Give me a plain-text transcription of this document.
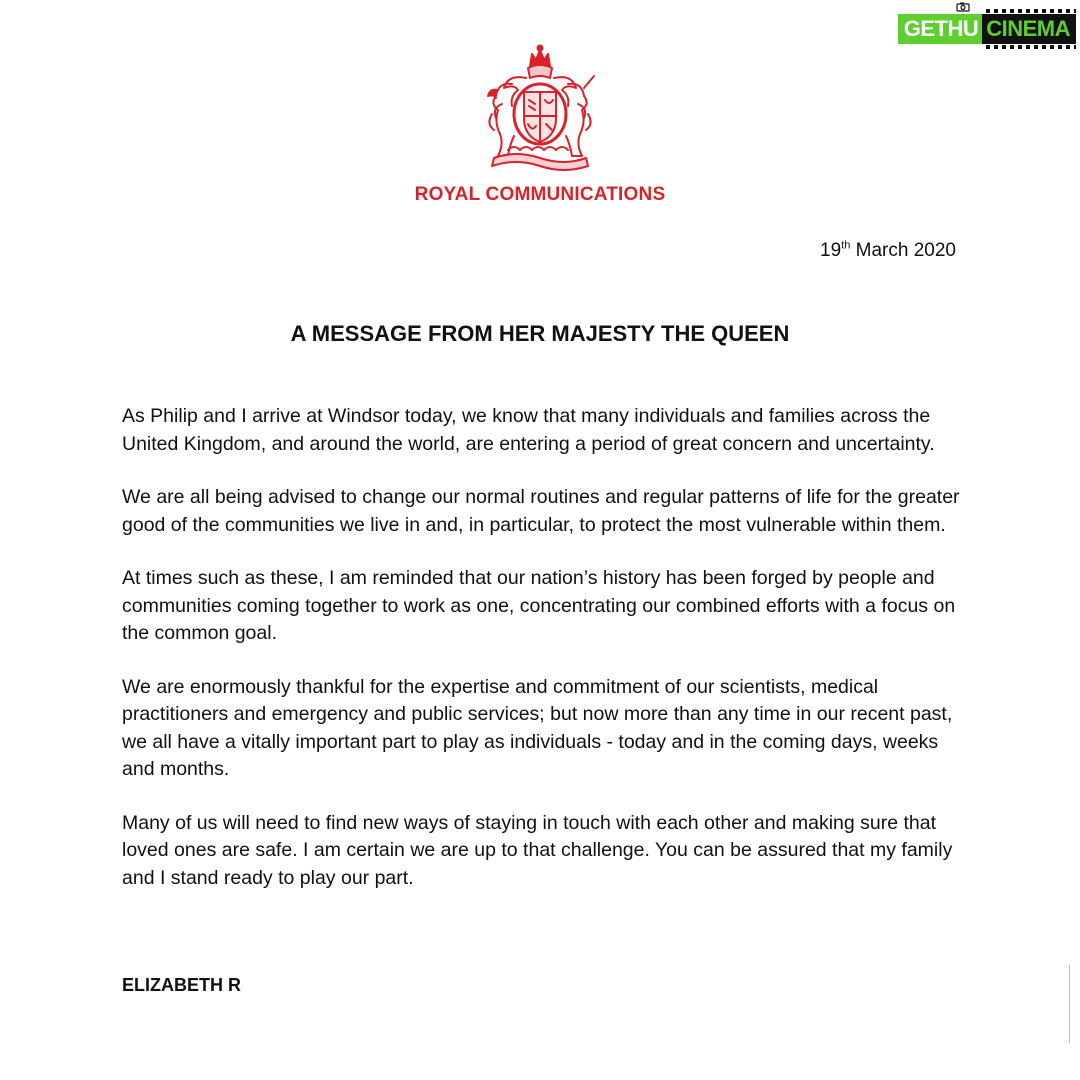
GETHU CINEMA
ROYAL COMMUNICATIONS
19th March 2020
A MESSAGE FROM HER MAJESTY THE QUEEN

As Philip and I arrive at Windsor today, we know that many individuals and families across the United Kingdom, and around the world, are entering a period of great concern and uncertainty.

We are all being advised to change our normal routines and regular patterns of life for the greater good of the communities we live in and, in particular, to protect the most vulnerable within them.

At times such as these, I am reminded that our nation’s history has been forged by people and communities coming together to work as one, concentrating our combined efforts with a focus on the common goal.

We are enormously thankful for the expertise and commitment of our scientists, medical practitioners and emergency and public services; but now more than any time in our recent past, we all have a vitally important part to play as individuals - today and in the coming days, weeks and months.

Many of us will need to find new ways of staying in touch with each other and making sure that loved ones are safe. I am certain we are up to that challenge. You can be assured that my family and I stand ready to play our part.

ELIZABETH R
